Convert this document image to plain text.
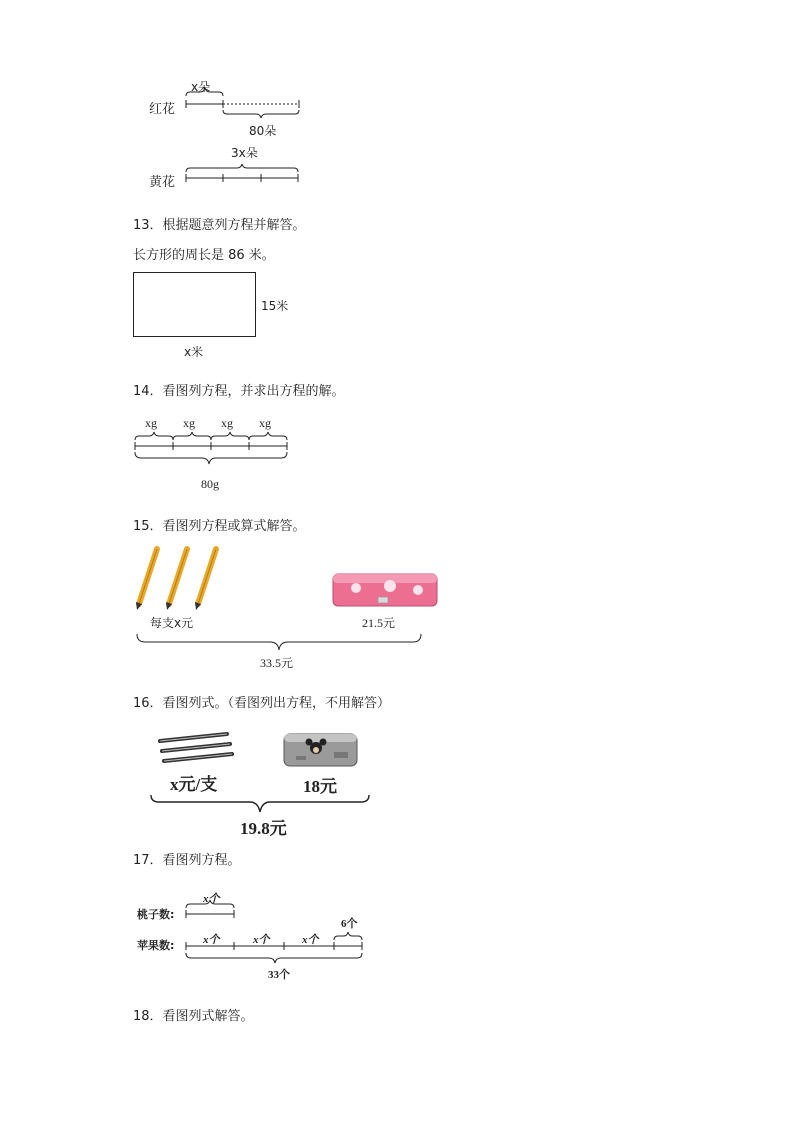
x朵
红花
80朵
3x朵
黄花
13．根据题意列方程并解答。
长方形的周长是 86 米。
15米
x米
14．看图列方程，并求出方程的解。
xg xg xg xg
80g
15．看图列方程或算式解答。
每支x元	21.5元
33.5元
16．看图列式。（看图列出方程，不用解答）
x元/支	18元
19.8元
17．看图列方程。
桃子数:
苹果数:
x个
x个	x个	x个
6个
33个
18．看图列式解答。
